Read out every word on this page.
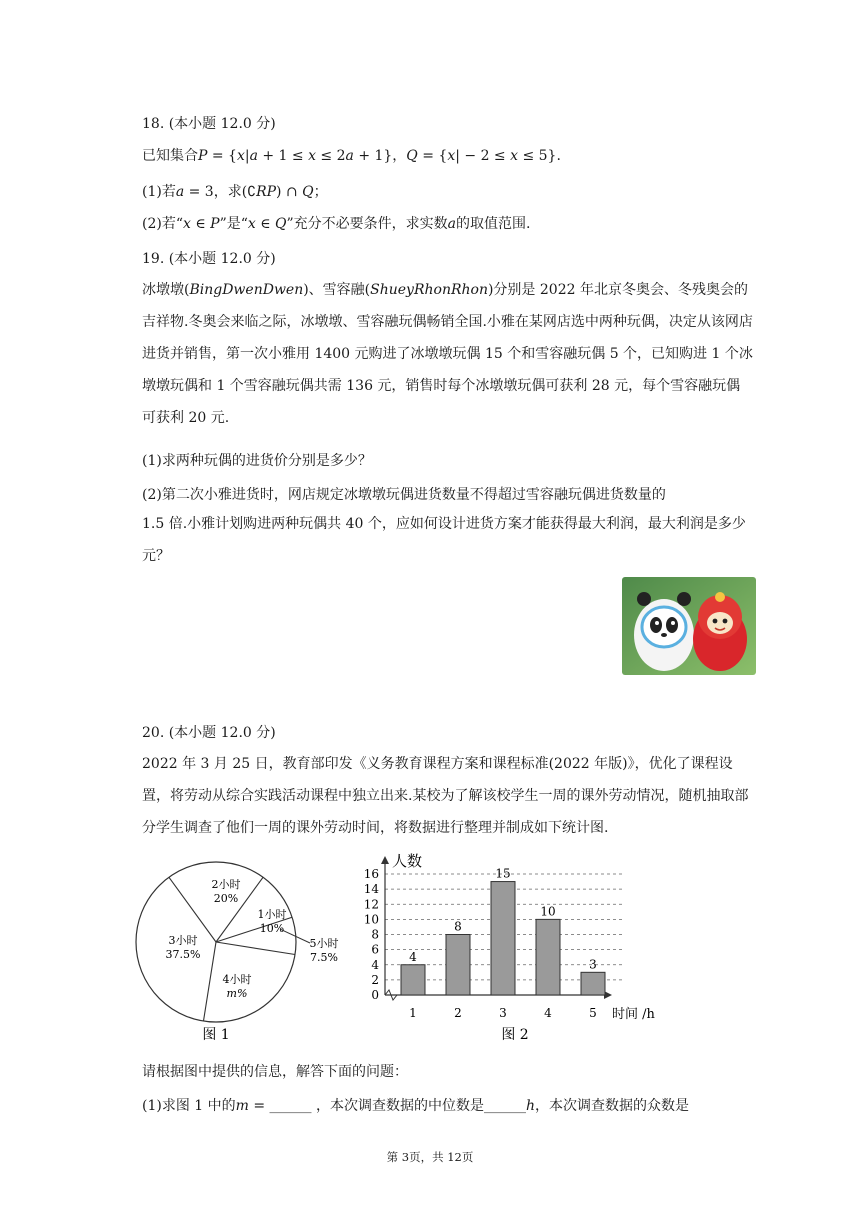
18. (本小题 12.0 分)
已知集合𝑃 = {𝑥|𝑎 + 1 ≤ 𝑥 ≤ 2𝑎 + 1}，𝑄 = {𝑥| − 2 ≤ 𝑥 ≤ 5}.
(1)若𝑎 = 3，求(∁𝑅𝑃) ∩ 𝑄；
(2)若“𝑥 ∈ 𝑃”是“𝑥 ∈ 𝑄”充分不必要条件，求实数𝑎的取值范围.
19. (本小题 12.0 分)
冰墩墩(𝐵𝑖𝑛𝑔𝐷𝑤𝑒𝑛𝐷𝑤𝑒𝑛)、雪容融(𝑆ℎ𝑢𝑒𝑦𝑅ℎ𝑜𝑛𝑅ℎ𝑜𝑛)分别是 2022 年北京冬奥会、冬残奥会的吉祥物.冬奥会来临之际，冰墩墩、雪容融玩偶畅销全国.小雅在某网店选中两种玩偶，决定从该网店进货并销售，第一次小雅用 1400 元购进了冰墩墩玩偶 15 个和雪容融玩偶 5 个，已知购进 1 个冰墩墩玩偶和 1 个雪容融玩偶共需 136 元，销售时每个冰墩墩玩偶可获利 28 元，每个雪容融玩偶可获利 20 元.
(1)求两种玩偶的进货价分别是多少？
(2)第二次小雅进货时，网店规定冰墩墩玩偶进货数量不得超过雪容融玩偶进货数量的
1.5 倍.小雅计划购进两种玩偶共 40 个，应如何设计进货方案才能获得最大利润，最大利润是多少元？
20. (本小题 12.0 分)
2022 年 3 月 25 日，教育部印发《义务教育课程方案和课程标准(2022 年版)》，优化了课程设置，将劳动从综合实践活动课程中独立出来.某校为了解该校学生一周的课外劳动情况，随机抽取部分学生调查了他们一周的课外劳动时间，将数据进行整理并制成如下统计图.
1小时
10%
2小时
20%
3小时
37.5%
4小时
m%
5小时
7.5%
图 1
0
2
4
6
8
10
12
14
16
4
1
8
2
15
3
10
4
3
5
人数
时间 /h
图 2
请根据图中提供的信息，解答下面的问题：
(1)求图 1 中的𝑚 = ______ ，本次调查数据的中位数是______ℎ，本次调查数据的众数是
第 3页，共 12页
